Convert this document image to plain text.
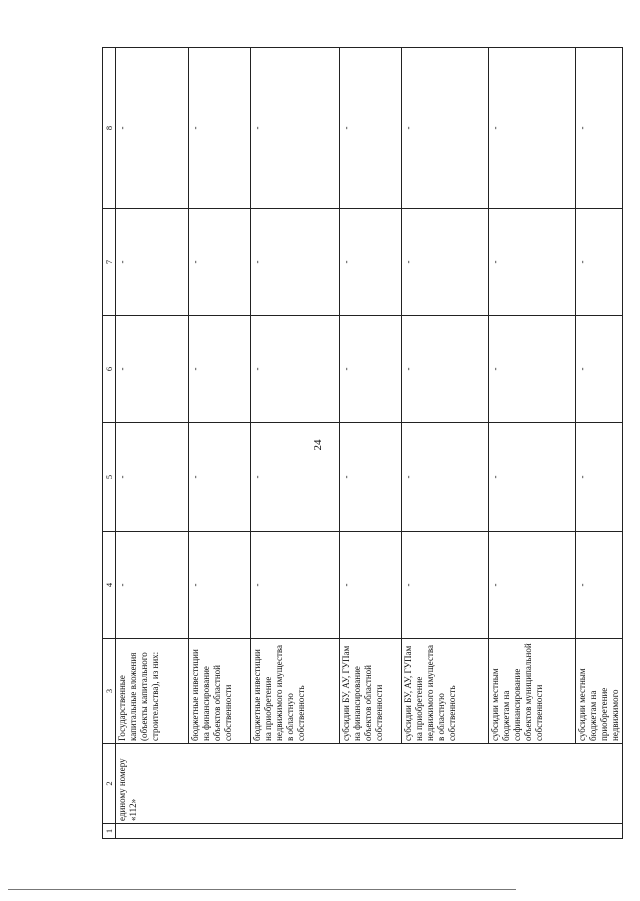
24
1	2	3	4	5	6	7	8
	единому номеру «112»	Государственные капитальные вложения (объекты капитального строительства), из них:	-	-	-	-	-
		бюджетные инвестиции на финансирование объектов областной собственности	-	-	-	-	-
		бюджетные инвестиции на приобретение недвижимого имущества в областную собственность	-	-	-	-	-
		субсидии БУ, АУ, ГУПам на финансирование объектов областной собственности	-	-	-	-	-
		субсидии БУ, АУ, ГУПам на приобретение недвижимого имущества в областную собственность	-	-	-	-	-
		субсидии местным бюджетам на софинансирование объектов муниципальной собственности	-	-	-	-	-
		субсидии местным бюджетам на приобретение недвижимого	-	-	-	-	-
